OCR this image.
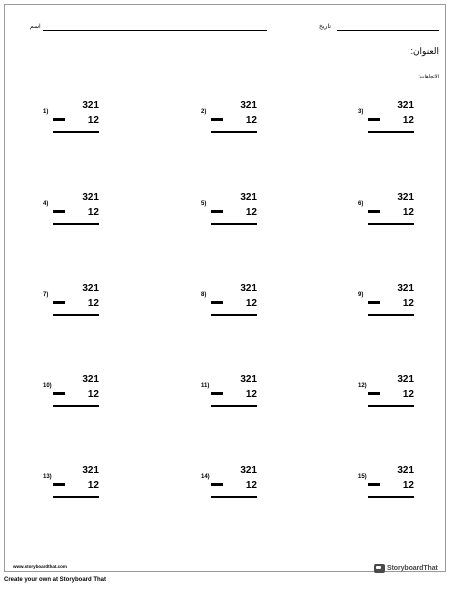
اسم	تاريخ
العنوان:
الاتجاهات:
1)
321
12
2)
321
12
3)
321
12
4)
321
12
5)
321
12
6)
321
12
7)
321
12
8)
321
12
9)
321
12
10)
321
12
11)
321
12
12)
321
12
13)
321
12
14)
321
12
15)
321
12
www.storyboardthat.com	StoryboardThat
Create your own at Storyboard That
